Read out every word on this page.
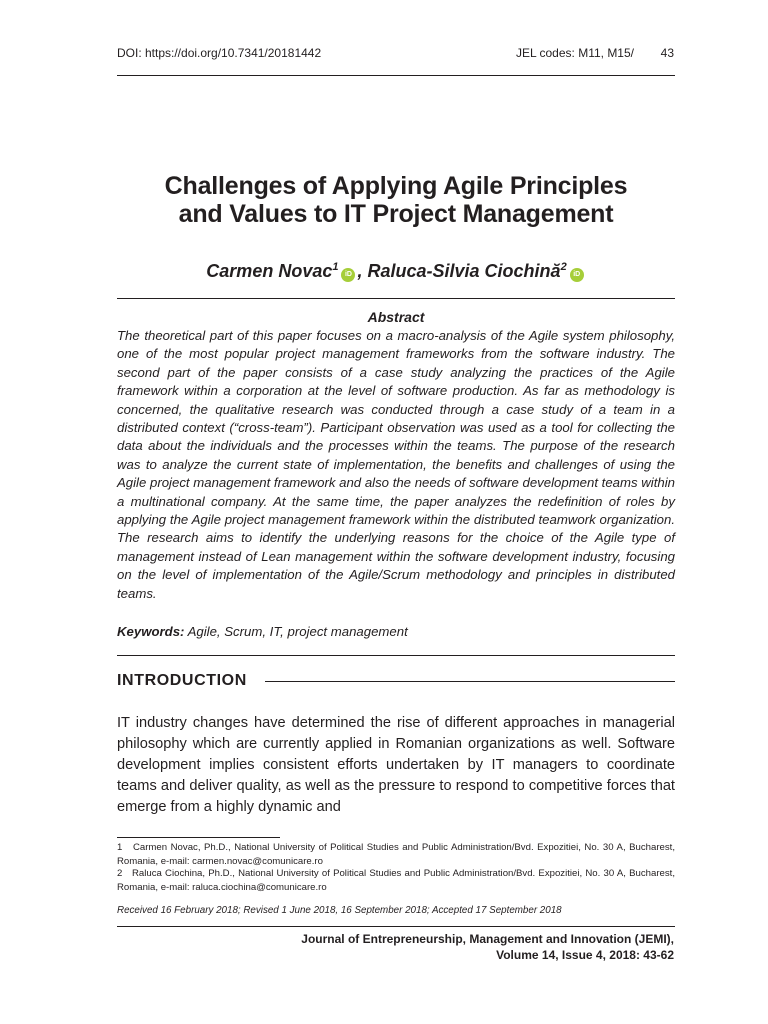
DOI: https://doi.org/10.7341/20181442	JEL codes: M11, M15/ 43
Challenges of Applying Agile Principles
and Values to IT Project Management
Carmen Novac$^1$iD , Raluca-Silvia Ciochină$^2$iD
Abstract

The theoretical part of this paper focuses on a macro-analysis of the Agile system philosophy, one of the most popular project management frameworks from the software industry. The second part of the paper consists of a case study analyzing the practices of the Agile framework within a corporation at the level of software production. As far as methodology is concerned, the qualitative research was conducted through a case study of a team in a distributed context (“cross-team”). Participant observation was used as a tool for collecting the data about the individuals and the processes within the teams. The purpose of the research was to analyze the current state of implementation, the benefits and challenges of using the Agile project management framework and also the needs of software development teams within a multinational company. At the same time, the paper analyzes the redefinition of roles by applying the Agile project management framework within the distributed teamwork organization. The research aims to identify the underlying reasons for the choice of the Agile type of management instead of Lean management within the software development industry, focusing on the level of implementation of the Agile/Scrum methodology and principles in distributed teams.

Keywords: Agile, Scrum, IT, project management
INTRODUCTION

IT industry changes have determined the rise of different approaches in managerial philosophy which are currently applied in Romanian organizations as well. Software development implies consistent efforts undertaken by IT managers to coordinate teams and deliver quality, as well as the pressure to respond to competitive forces that emerge from a highly dynamic and

1 Carmen Novac, Ph.D., National University of Political Studies and Public Administration/Bvd. Expozitiei, No. 30 A, Bucharest, Romania, e-mail: carmen.novac@comunicare.ro

2 Raluca Ciochina, Ph.D., National University of Political Studies and Public Administration/Bvd. Expozitiei, No. 30 A, Bucharest, Romania, e-mail: raluca.ciochina@comunicare.ro

Received 16 February 2018; Revised 1 June 2018, 16 September 2018; Accepted 17 September 2018
Journal of Entrepreneurship, Management and Innovation (JEMI),
Volume 14, Issue 4, 2018: 43-62
